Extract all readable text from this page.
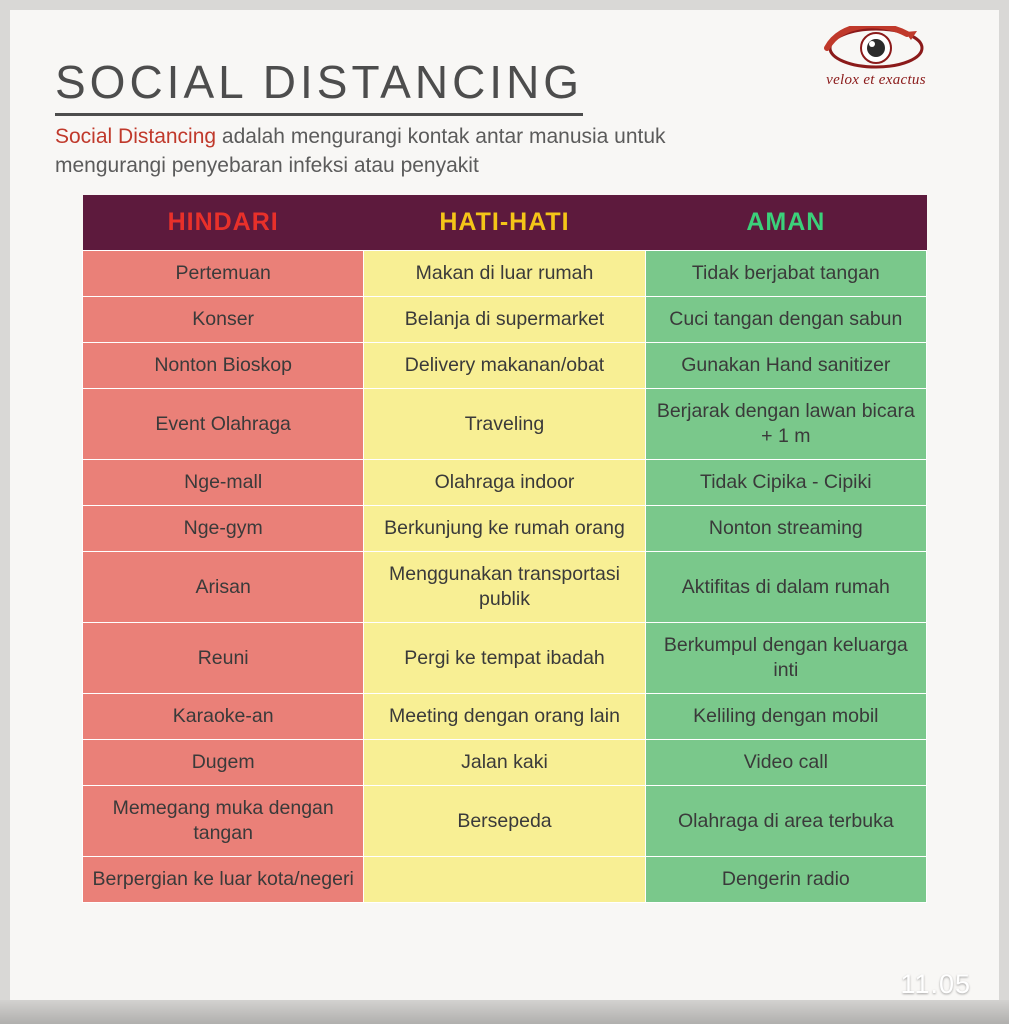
velox et exactus
SOCIAL DISTANCING
Social Distancing adalah mengurangi kontak antar manusia untuk mengurangi penyebaran infeksi atau penyakit
HINDARI	HATI-HATI	AMAN
Pertemuan	Makan di luar rumah	Tidak berjabat tangan
Konser	Belanja di supermarket	Cuci tangan dengan sabun
Nonton Bioskop	Delivery makanan/obat	Gunakan Hand sanitizer
Event Olahraga	Traveling	Berjarak dengan lawan bicara + 1 m
Nge-mall	Olahraga indoor	Tidak Cipika - Cipiki
Nge-gym	Berkunjung ke rumah orang	Nonton streaming
Arisan	Menggunakan transportasi publik	Aktifitas di dalam rumah
Reuni	Pergi ke tempat ibadah	Berkumpul dengan keluarga inti
Karaoke-an	Meeting dengan orang lain	Keliling dengan mobil
Dugem	Jalan kaki	Video call
Memegang muka dengan tangan	Bersepeda	Olahraga di area terbuka
Berpergian ke luar kota/negeri		Dengerin radio
11.05
